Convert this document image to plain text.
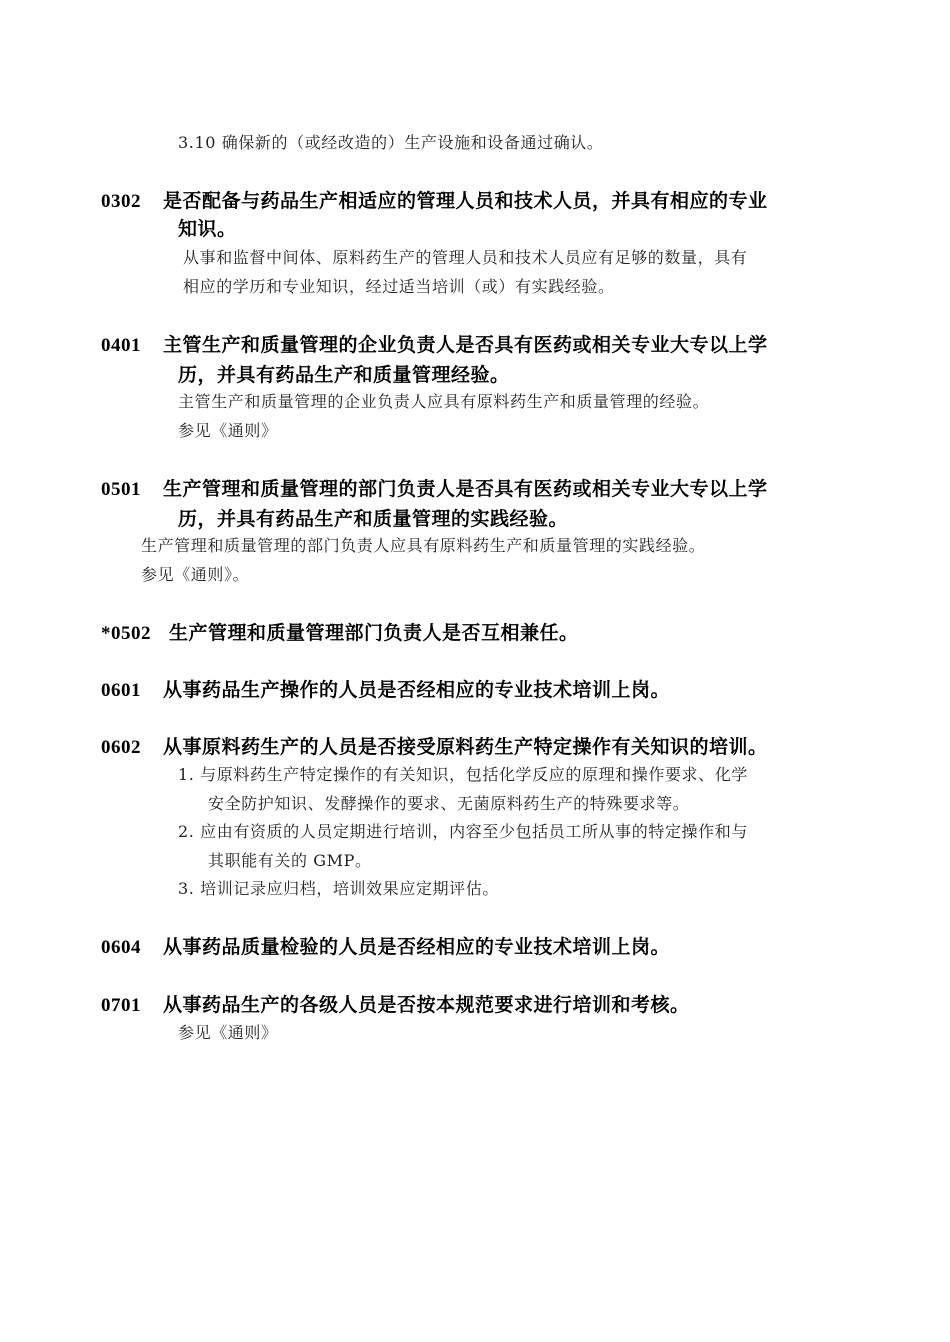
3.10 确保新的（或经改造的）生产设施和设备通过确认。
0302 是否配备与药品生产相适应的管理人员和技术人员，并具有相应的专业
知识。
从事和监督中间体、原料药生产的管理人员和技术人员应有足够的数量，具有
相应的学历和专业知识，经过适当培训（或）有实践经验。
0401 主管生产和质量管理的企业负责人是否具有医药或相关专业大专以上学
历，并具有药品生产和质量管理经验。
主管生产和质量管理的企业负责人应具有原料药生产和质量管理的经验。
参见《通则》
0501 生产管理和质量管理的部门负责人是否具有医药或相关专业大专以上学
历，并具有药品生产和质量管理的实践经验。
生产管理和质量管理的部门负责人应具有原料药生产和质量管理的实践经验。
参见《通则》。
*0502 生产管理和质量管理部门负责人是否互相兼任。
0601 从事药品生产操作的人员是否经相应的专业技术培训上岗。
0602 从事原料药生产的人员是否接受原料药生产特定操作有关知识的培训。
1. 与原料药生产特定操作的有关知识，包括化学反应的原理和操作要求、化学
安全防护知识、发酵操作的要求、无菌原料药生产的特殊要求等。
2. 应由有资质的人员定期进行培训，内容至少包括员工所从事的特定操作和与
其职能有关的 GMP。
3. 培训记录应归档，培训效果应定期评估。
0604 从事药品质量检验的人员是否经相应的专业技术培训上岗。
0701 从事药品生产的各级人员是否按本规范要求进行培训和考核。
参见《通则》
